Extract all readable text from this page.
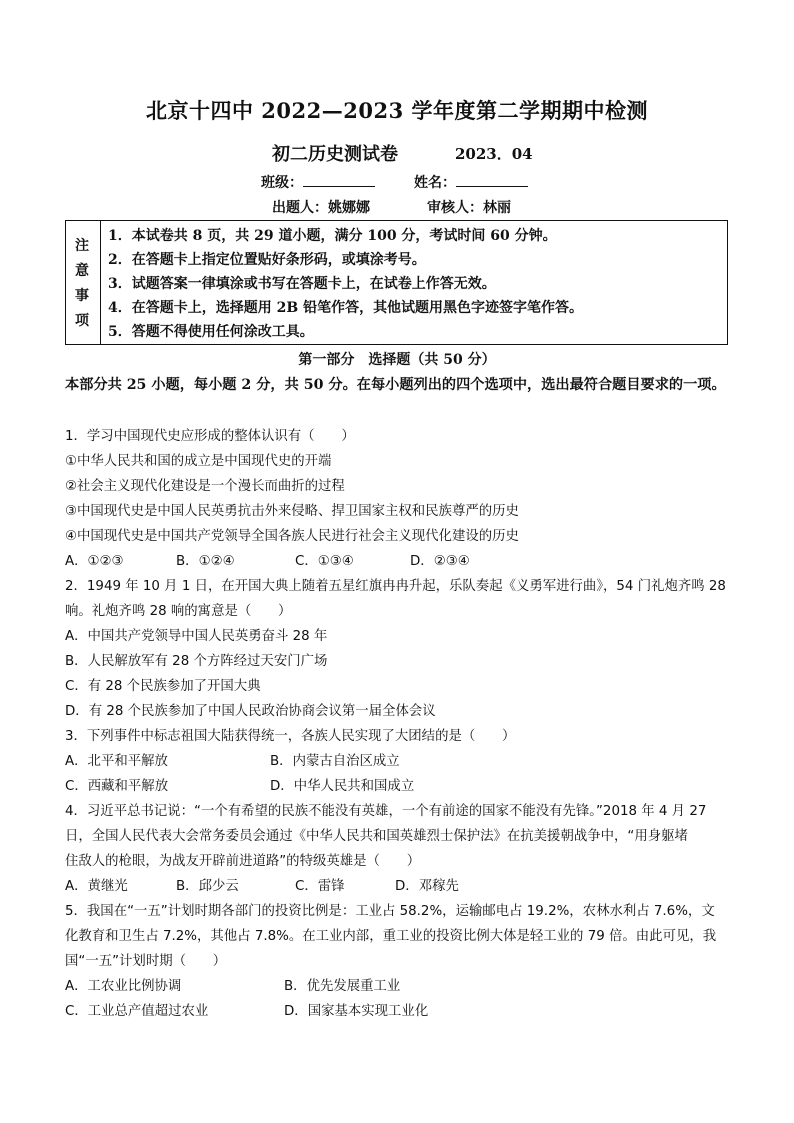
北京十四中 2022—2023 学年度第二学期期中检测
初二历史测试卷	2023．04
班级：	姓名：
出题人：姚娜娜	审核人：林丽
注
意
事
项
1．本试卷共 8 页，共 29 道小题，满分 100 分，考试时间 60 分钟。
2．在答题卡上指定位置贴好条形码，或填涂考号。
3．试题答案一律填涂或书写在答题卡上，在试卷上作答无效。
4．在答题卡上，选择题用 2B 铅笔作答，其他试题用黑色字迹签字笔作答。
5．答题不得使用任何涂改工具。
第一部分　选择题（共 50 分）
本部分共 25 小题，每小题 2 分，共 50 分。在每小题列出的四个选项中，选出最符合题目要求的一项。
1．学习中国现代史应形成的整体认识有（　　）
①中华人民共和国的成立是中国现代史的开端
②社会主义现代化建设是一个漫长而曲折的过程
③中国现代史是中国人民英勇抗击外来侵略、捍卫国家主权和民族尊严的历史
④中国现代史是中国共产党领导全国各族人民进行社会主义现代化建设的历史
A．①②③	B．①②④	C．①③④	D．②③④
2．1949 年 10 月 1 日，在开国大典上随着五星红旗冉冉升起，乐队奏起《义勇军进行曲》，54 门礼炮齐鸣 28
响。礼炮齐鸣 28 响的寓意是（　　）
A．中国共产党领导中国人民英勇奋斗 28 年
B．人民解放军有 28 个方阵经过天安门广场
C．有 28 个民族参加了开国大典
D．有 28 个民族参加了中国人民政治协商会议第一届全体会议
3．下列事件中标志祖国大陆获得统一，各族人民实现了大团结的是（　　）
A．北平和平解放	B．内蒙古自治区成立
C．西藏和平解放	D．中华人民共和国成立
4．习近平总书记说：“一个有希望的民族不能没有英雄，一个有前途的国家不能没有先锋。”2018 年 4 月 27
日，全国人民代表大会常务委员会通过《中华人民共和国英雄烈士保护法》在抗美援朝战争中，“用身躯堵
住敌人的枪眼，为战友开辟前进道路”的特级英雄是（　　）
A．黄继光	B．邱少云	C．雷锋	D．邓稼先
5．我国在“一五”计划时期各部门的投资比例是：工业占 58.2%，运输邮电占 19.2%，农林水利占 7.6%，文
化教育和卫生占 7.2%，其他占 7.8%。在工业内部，重工业的投资比例大体是轻工业的 79 倍。由此可见，我
国“一五”计划时期（　　）
A．工农业比例协调	B．优先发展重工业
C．工业总产值超过农业	D．国家基本实现工业化
